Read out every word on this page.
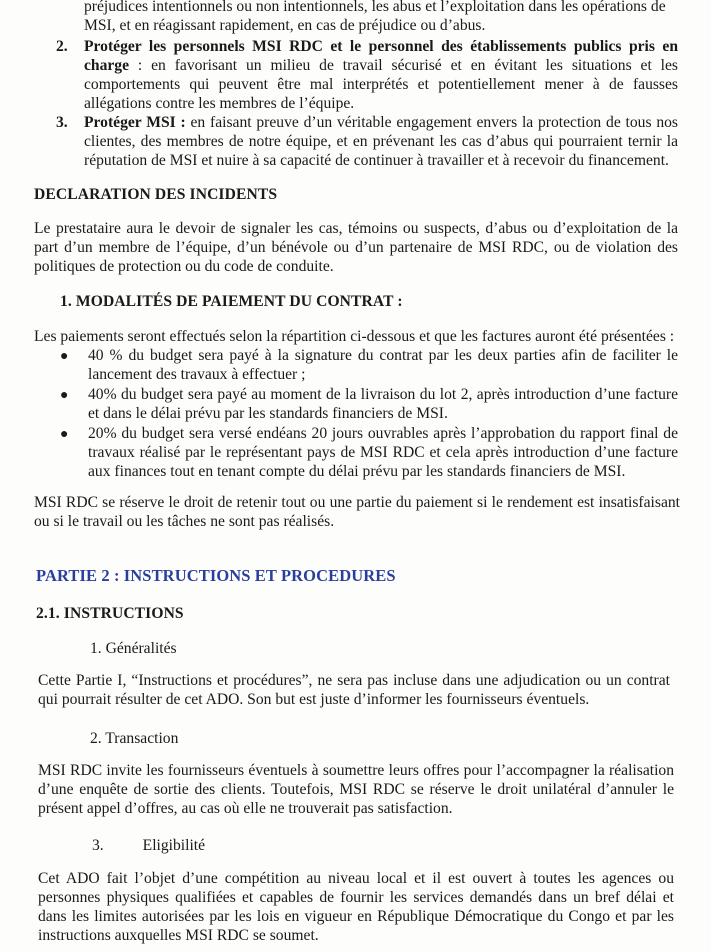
préjudices intentionnels ou non intentionnels, les abus et l’exploitation dans les opérations de
MSI, et en réagissant rapidement, en cas de préjudice ou d’abus.

2. Protéger les personnels MSI RDC et le personnel des établissements publics pris en charge : en favorisant un milieu de travail sécurisé et en évitant les situations et les comportements qui peuvent être mal interprétés et potentiellement mener à de fausses allégations contre les membres de l’équipe.

3. Protéger MSI : en faisant preuve d’un véritable engagement envers la protection de tous nos clientes, des membres de notre équipe, et en prévenant les cas d’abus qui pourraient ternir la réputation de MSI et nuire à sa capacité de continuer à travailler et à recevoir du financement.

DECLARATION DES INCIDENTS

Le prestataire aura le devoir de signaler les cas, témoins ou suspects, d’abus ou d’exploitation de la part d’un membre de l’équipe, d’un bénévole ou d’un partenaire de MSI RDC, ou de violation des politiques de protection ou du code de conduite.

1. MODALITÉS DE PAIEMENT DU CONTRAT :

Les paiements seront effectués selon la répartition ci-dessous et que les factures auront été présentées :

● 40 % du budget sera payé à la signature du contrat par les deux parties afin de faciliter le lancement des travaux à effectuer ;

● 40% du budget sera payé au moment de la livraison du lot 2, après introduction d’une facture et dans le délai prévu par les standards financiers de MSI.

● 20% du budget sera versé endéans 20 jours ouvrables après l’approbation du rapport final de travaux réalisé par le représentant pays de MSI RDC et cela après introduction d’une facture aux finances tout en tenant compte du délai prévu par les standards financiers de MSI.

MSI RDC se réserve le droit de retenir tout ou une partie du paiement si le rendement est insatisfaisant ou si le travail ou les tâches ne sont pas réalisés.

PARTIE 2 : INSTRUCTIONS ET PROCEDURES
2.1. INSTRUCTIONS
1. Généralités

Cette Partie I, “Instructions et procédures”, ne sera pas incluse dans une adjudication ou un contrat qui pourrait résulter de cet ADO. Son but est juste d’informer les fournisseurs éventuels.

2. Transaction

MSI RDC invite les fournisseurs éventuels à soumettre leurs offres pour l’accompagner la réalisation d’une enquête de sortie des clients. Toutefois, MSI RDC se réserve le droit unilatéral d’annuler le présent appel d’offres, au cas où elle ne trouverait pas satisfaction.

3.          Eligibilité

Cet ADO fait l’objet d’une compétition au niveau local et il est ouvert à toutes les agences ou personnes physiques qualifiées et capables de fournir les services demandés dans un bref délai et dans les limites autorisées par les lois en vigueur en République Démocratique du Congo et par les instructions auxquelles MSI RDC se soumet.
